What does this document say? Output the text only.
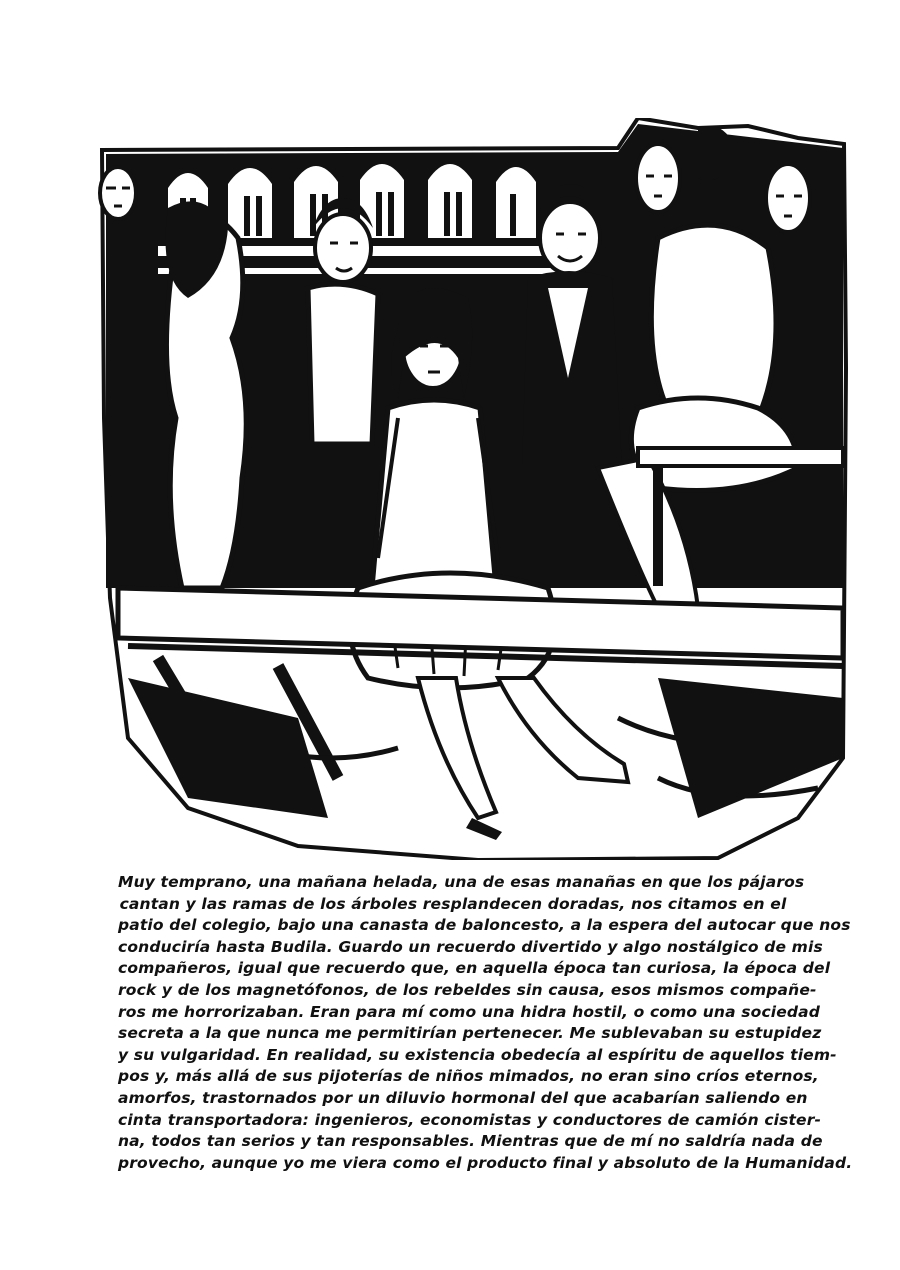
Muy temprano, una mañana helada, una de esas manañas en que los pájaros
cantan y las ramas de los árboles resplandecen doradas, nos citamos en el
patio del colegio, bajo una canasta de baloncesto, a la espera del autocar que nos
conduciría hasta Budila. Guardo un recuerdo divertido y algo nostálgico de mis
compañeros, igual que recuerdo que, en aquella época tan curiosa, la época del
rock y de los magnetófonos, de los rebeldes sin causa, esos mismos compañe-
ros me horrorizaban. Eran para mí como una hidra hostil, o como una sociedad
secreta a la que nunca me permitirían pertenecer. Me sublevaban su estupidez
y su vulgaridad. En realidad, su existencia obedecía al espíritu de aquellos tiem-
pos y, más allá de sus pijoterías de niños mimados, no eran sino críos eternos,
amorfos, trastornados por un diluvio hormonal del que acabarían saliendo en
cinta transportadora: ingenieros, economistas y conductores de camión cister-
na, todos tan serios y tan responsables. Mientras que de mí no saldría nada de
provecho, aunque yo me viera como el producto final y absoluto de la Humanidad.
